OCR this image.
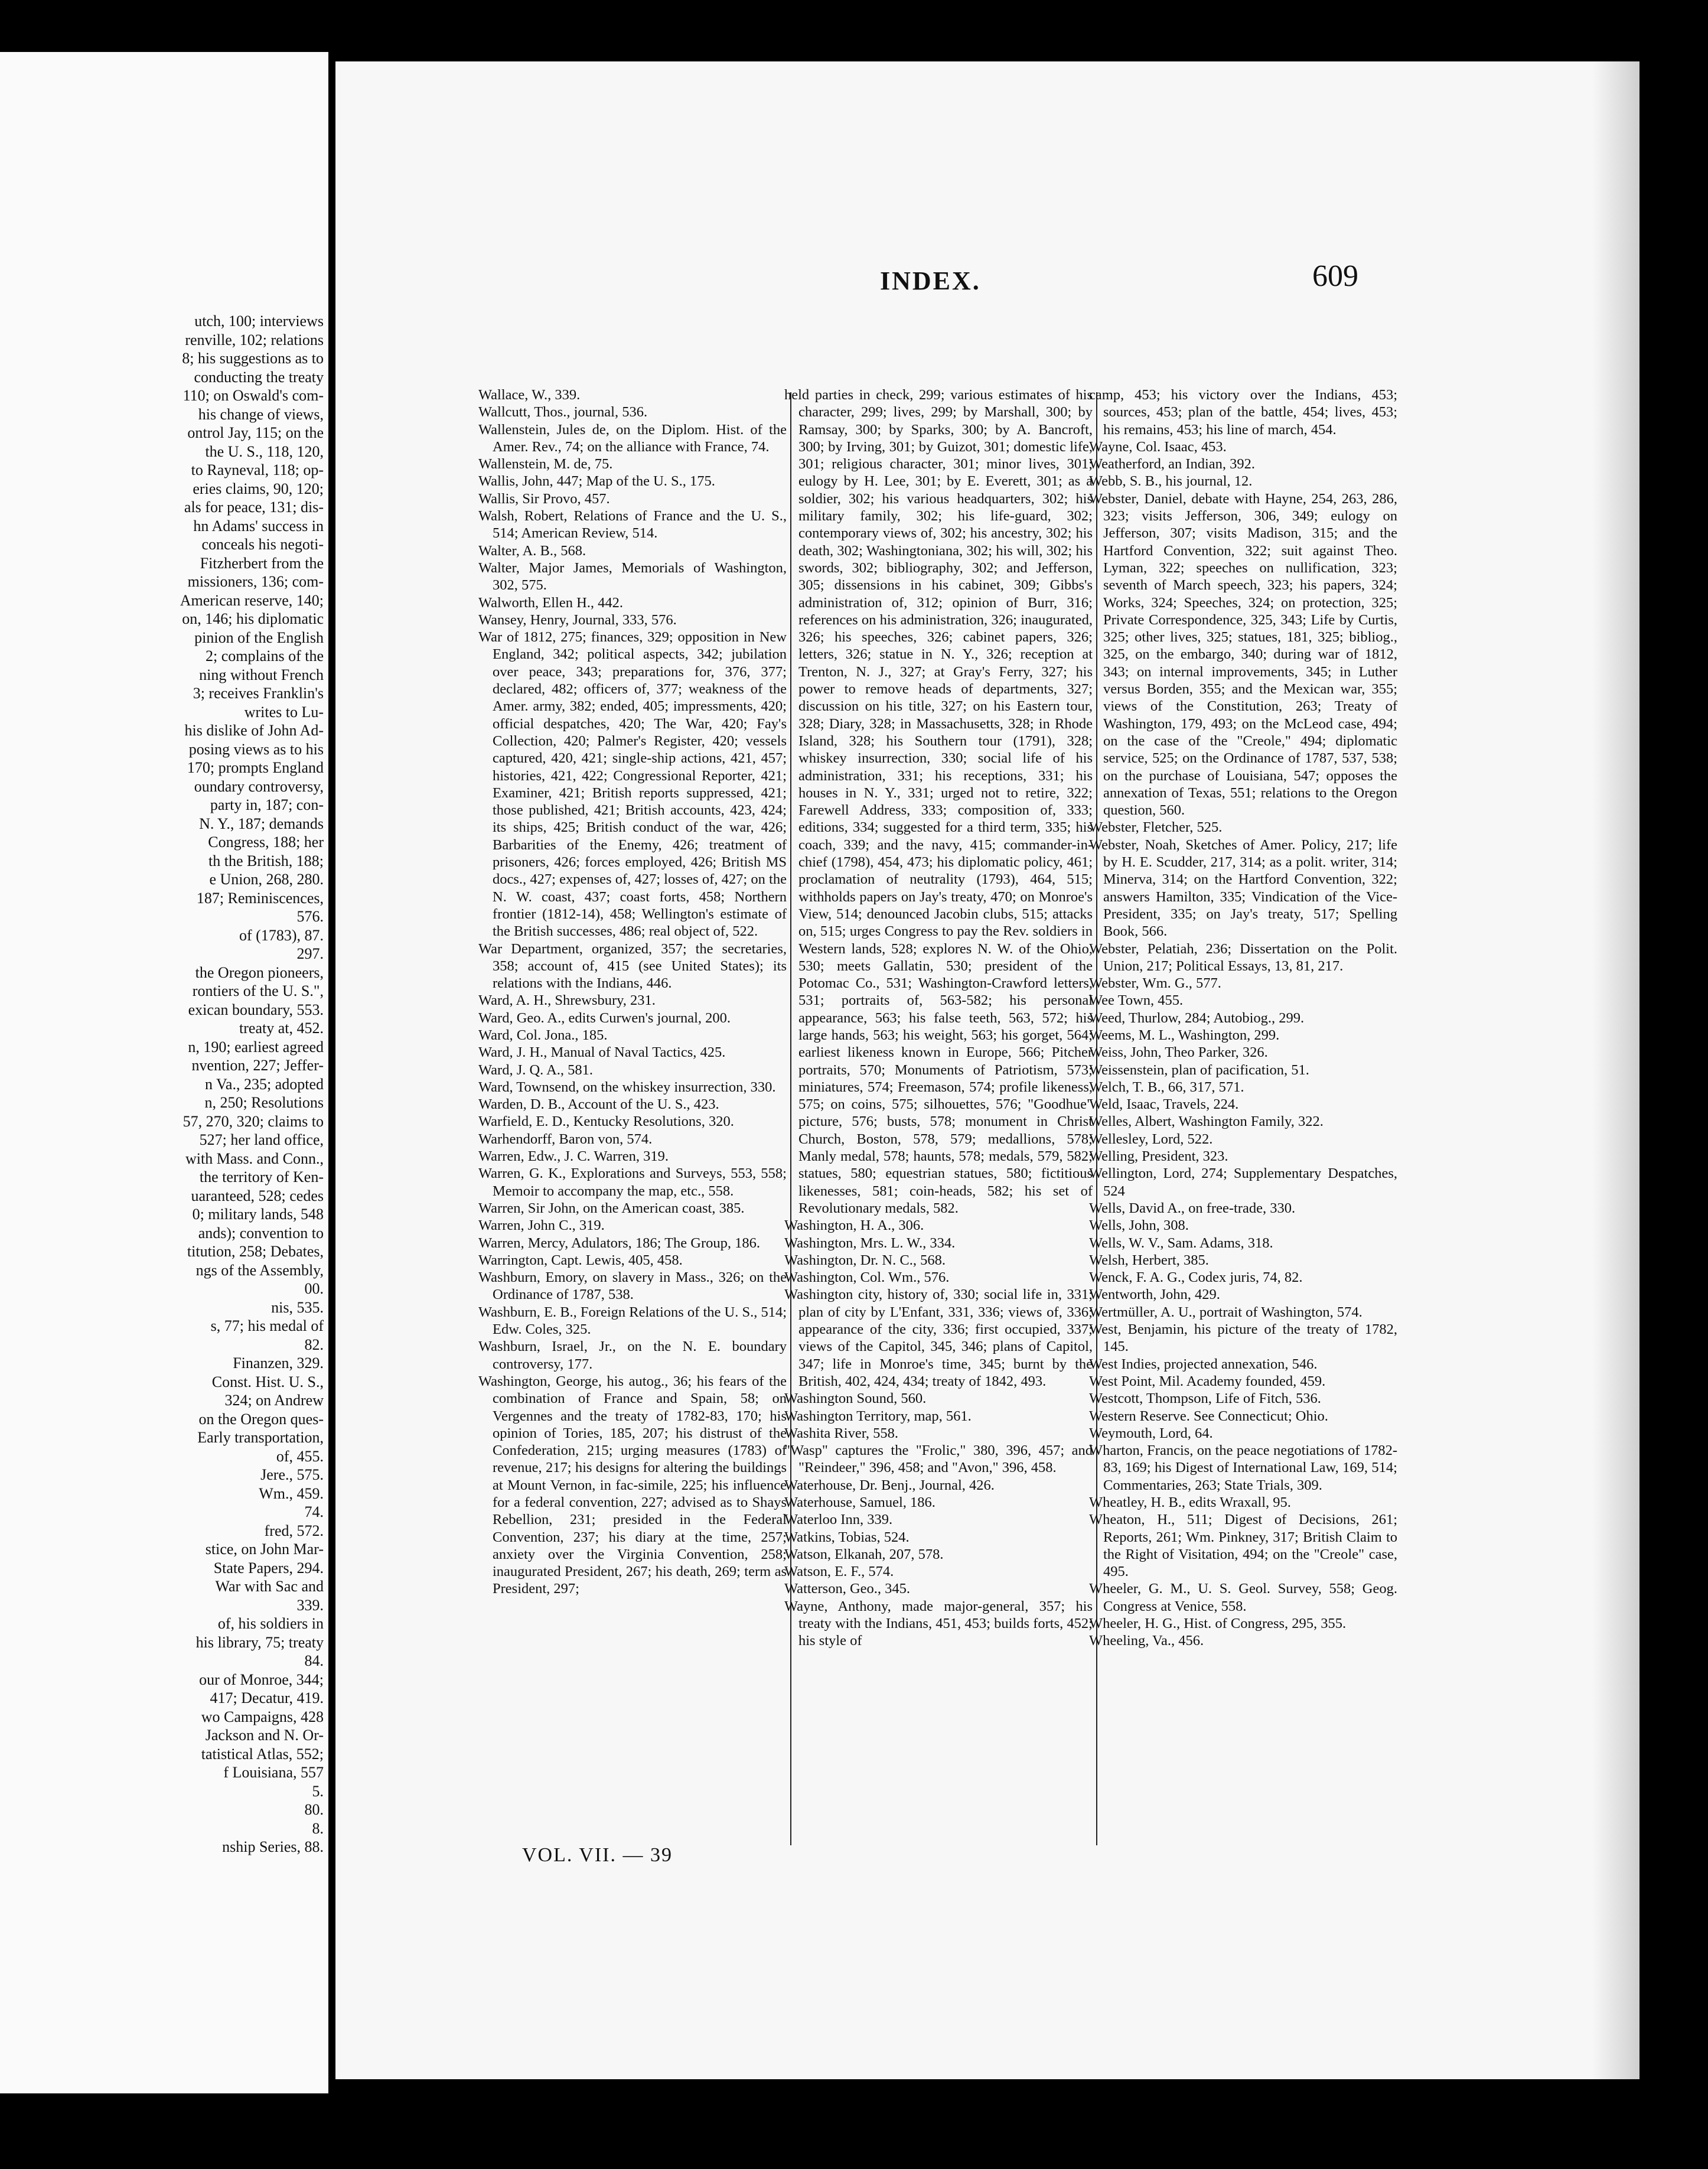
utch, 100; interviews
renville, 102; relations
8; his suggestions as to
conducting the treaty
110; on Oswald's com-
his change of views,
ontrol Jay, 115; on the
the U. S., 118, 120,
to Rayneval, 118; op-
eries claims, 90, 120;
als for peace, 131; dis-
hn Adams' success in
conceals his negoti-
Fitzherbert from the
missioners, 136; com-
American reserve, 140;
on, 146; his diplomatic
pinion of the English
2; complains of the
ning without French
3; receives Franklin's
writes to Lu-
his dislike of John Ad-
posing views as to his
170; prompts England
oundary controversy,
party in, 187; con-
N. Y., 187; demands
Congress, 188; her
th the British, 188;
e Union, 268, 280.
187; Reminiscences,
576.
of (1783), 87.
297.
the Oregon pioneers,
rontiers of the U. S.",
exican boundary, 553.
treaty at, 452.
n, 190; earliest agreed
nvention, 227; Jeffer-
n Va., 235; adopted
n, 250; Resolutions
57, 270, 320; claims to
527; her land office,
with Mass. and Conn.,
the territory of Ken-
uaranteed, 528; cedes
0; military lands, 548
ands); convention to
titution, 258; Debates,
ngs of the Assembly,
00.
nis, 535.
s, 77; his medal of
82.
Finanzen, 329.
Const. Hist. U. S.,
324; on Andrew
on the Oregon ques-
Early transportation,
of, 455.
Jere., 575.
Wm., 459.
74.
fred, 572.
stice, on John Mar-
State Papers, 294.
War with Sac and
339.
of, his soldiers in
his library, 75; treaty
84.
our of Monroe, 344;
417; Decatur, 419.
wo Campaigns, 428
Jackson and N. Or-
tatistical Atlas, 552;
f Louisiana, 557
5.
80.
8.
nship Series, 88.
INDEX.	609
Wallace, W., 339.
Wallcutt, Thos., journal, 536.
Wallenstein, Jules de, on the Diplom. Hist. of the Amer. Rev., 74; on the alliance with France, 74.
Wallenstein, M. de, 75.
Wallis, John, 447; Map of the U. S., 175.
Wallis, Sir Provo, 457.
Walsh, Robert, Relations of France and the U. S., 514; American Review, 514.
Walter, A. B., 568.
Walter, Major James, Memorials of Washington, 302, 575.
Walworth, Ellen H., 442.
Wansey, Henry, Journal, 333, 576.
War of 1812, 275; finances, 329; opposition in New England, 342; political aspects, 342; jubilation over peace, 343; preparations for, 376, 377; declared, 482; officers of, 377; weakness of the Amer. army, 382; ended, 405; impressments, 420; official despatches, 420; The War, 420; Fay's Collection, 420; Palmer's Register, 420; vessels captured, 420, 421; single-ship actions, 421, 457; histories, 421, 422; Congressional Reporter, 421; Examiner, 421; British reports suppressed, 421; those published, 421; British accounts, 423, 424; its ships, 425; British conduct of the war, 426; Barbarities of the Enemy, 426; treatment of prisoners, 426; forces employed, 426; British MS docs., 427; expenses of, 427; losses of, 427; on the N. W. coast, 437; coast forts, 458; Northern frontier (1812-14), 458; Wellington's estimate of the British successes, 486; real object of, 522.
War Department, organized, 357; the secretaries, 358; account of, 415 (see United States); its relations with the Indians, 446.
Ward, A. H., Shrewsbury, 231.
Ward, Geo. A., edits Curwen's journal, 200.
Ward, Col. Jona., 185.
Ward, J. H., Manual of Naval Tactics, 425.
Ward, J. Q. A., 581.
Ward, Townsend, on the whiskey insurrection, 330.
Warden, D. B., Account of the U. S., 423.
Warfield, E. D., Kentucky Resolutions, 320.
Warhendorff, Baron von, 574.
Warren, Edw., J. C. Warren, 319.
Warren, G. K., Explorations and Surveys, 553, 558; Memoir to accompany the map, etc., 558.
Warren, Sir John, on the American coast, 385.
Warren, John C., 319.
Warren, Mercy, Adulators, 186; The Group, 186.
Warrington, Capt. Lewis, 405, 458.
Washburn, Emory, on slavery in Mass., 326; on the Ordinance of 1787, 538.
Washburn, E. B., Foreign Relations of the U. S., 514; Edw. Coles, 325.
Washburn, Israel, Jr., on the N. E. boundary controversy, 177.
Washington, George, his autog., 36; his fears of the combination of France and Spain, 58; on Vergennes and the treaty of 1782-83, 170; his opinion of Tories, 185, 207; his distrust of the Confederation, 215; urging measures (1783) of revenue, 217; his designs for altering the buildings at Mount Vernon, in fac-simile, 225; his influence for a federal convention, 227; advised as to Shays Rebellion, 231; presided in the Federal Convention, 237; his diary at the time, 257; anxiety over the Virginia Convention, 258; inaugurated President, 267; his death, 269; term as President, 297;
held parties in check, 299; various estimates of his character, 299; lives, 299; by Marshall, 300; by Ramsay, 300; by Sparks, 300; by A. Bancroft, 300; by Irving, 301; by Guizot, 301; domestic life, 301; religious character, 301; minor lives, 301; eulogy by H. Lee, 301; by E. Everett, 301; as a soldier, 302; his various headquarters, 302; his military family, 302; his life-guard, 302; contemporary views of, 302; his ancestry, 302; his death, 302; Washingtoniana, 302; his will, 302; his swords, 302; bibliography, 302; and Jefferson, 305; dissensions in his cabinet, 309; Gibbs's administration of, 312; opinion of Burr, 316; references on his administration, 326; inaugurated, 326; his speeches, 326; cabinet papers, 326; letters, 326; statue in N. Y., 326; reception at Trenton, N. J., 327; at Gray's Ferry, 327; his power to remove heads of departments, 327; discussion on his title, 327; on his Eastern tour, 328; Diary, 328; in Massachusetts, 328; in Rhode Island, 328; his Southern tour (1791), 328; whiskey insurrection, 330; social life of his administration, 331; his receptions, 331; his houses in N. Y., 331; urged not to retire, 322; Farewell Address, 333; composition of, 333; editions, 334; suggested for a third term, 335; his coach, 339; and the navy, 415; commander-in-chief (1798), 454, 473; his diplomatic policy, 461; proclamation of neutrality (1793), 464, 515; withholds papers on Jay's treaty, 470; on Monroe's View, 514; denounced Jacobin clubs, 515; attacks on, 515; urges Congress to pay the Rev. soldiers in Western lands, 528; explores N. W. of the Ohio, 530; meets Gallatin, 530; president of the Potomac Co., 531; Washington-Crawford letters, 531; portraits of, 563-582; his personal appearance, 563; his false teeth, 563, 572; his large hands, 563; his weight, 563; his gorget, 564; earliest likeness known in Europe, 566; Pitcher portraits, 570; Monuments of Patriotism, 573; miniatures, 574; Freemason, 574; profile likeness, 575; on coins, 575; silhouettes, 576; "Goodhue" picture, 576; busts, 578; monument in Christ Church, Boston, 578, 579; medallions, 578; Manly medal, 578; haunts, 578; medals, 579, 582; statues, 580; equestrian statues, 580; fictitious likenesses, 581; coin-heads, 582; his set of Revolutionary medals, 582.
Washington, H. A., 306.
Washington, Mrs. L. W., 334.
Washington, Dr. N. C., 568.
Washington, Col. Wm., 576.
Washington city, history of, 330; social life in, 331; plan of city by L'Enfant, 331, 336; views of, 336; appearance of the city, 336; first occupied, 337; views of the Capitol, 345, 346; plans of Capitol, 347; life in Monroe's time, 345; burnt by the British, 402, 424, 434; treaty of 1842, 493.
Washington Sound, 560.
Washington Territory, map, 561.
Washita River, 558.
"Wasp" captures the "Frolic," 380, 396, 457; and "Reindeer," 396, 458; and "Avon," 396, 458.
Waterhouse, Dr. Benj., Journal, 426.
Waterhouse, Samuel, 186.
Waterloo Inn, 339.
Watkins, Tobias, 524.
Watson, Elkanah, 207, 578.
Watson, E. F., 574.
Watterson, Geo., 345.
Wayne, Anthony, made major-general, 357; his treaty with the Indians, 451, 453; builds forts, 452; his style of
camp, 453; his victory over the Indians, 453; sources, 453; plan of the battle, 454; lives, 453; his remains, 453; his line of march, 454.
Wayne, Col. Isaac, 453.
Weatherford, an Indian, 392.
Webb, S. B., his journal, 12.
Webster, Daniel, debate with Hayne, 254, 263, 286, 323; visits Jefferson, 306, 349; eulogy on Jefferson, 307; visits Madison, 315; and the Hartford Convention, 322; suit against Theo. Lyman, 322; speeches on nullification, 323; seventh of March speech, 323; his papers, 324; Works, 324; Speeches, 324; on protection, 325; Private Correspondence, 325, 343; Life by Curtis, 325; other lives, 325; statues, 181, 325; bibliog., 325, on the embargo, 340; during war of 1812, 343; on internal improvements, 345; in Luther versus Borden, 355; and the Mexican war, 355; views of the Constitution, 263; Treaty of Washington, 179, 493; on the McLeod case, 494; on the case of the "Creole," 494; diplomatic service, 525; on the Ordinance of 1787, 537, 538; on the purchase of Louisiana, 547; opposes the annexation of Texas, 551; relations to the Oregon question, 560.
Webster, Fletcher, 525.
Webster, Noah, Sketches of Amer. Policy, 217; life by H. E. Scudder, 217, 314; as a polit. writer, 314; Minerva, 314; on the Hartford Convention, 322; answers Hamilton, 335; Vindication of the Vice-President, 335; on Jay's treaty, 517; Spelling Book, 566.
Webster, Pelatiah, 236; Dissertation on the Polit. Union, 217; Political Essays, 13, 81, 217.
Webster, Wm. G., 577.
Wee Town, 455.
Weed, Thurlow, 284; Autobiog., 299.
Weems, M. L., Washington, 299.
Weiss, John, Theo Parker, 326.
Weissenstein, plan of pacification, 51.
Welch, T. B., 66, 317, 571.
Weld, Isaac, Travels, 224.
Welles, Albert, Washington Family, 322.
Wellesley, Lord, 522.
Welling, President, 323.
Wellington, Lord, 274; Supplementary Despatches, 524
Wells, David A., on free-trade, 330.
Wells, John, 308.
Wells, W. V., Sam. Adams, 318.
Welsh, Herbert, 385.
Wenck, F. A. G., Codex juris, 74, 82.
Wentworth, John, 429.
Wertmüller, A. U., portrait of Washington, 574.
West, Benjamin, his picture of the treaty of 1782, 145.
West Indies, projected annexation, 546.
West Point, Mil. Academy founded, 459.
Westcott, Thompson, Life of Fitch, 536.
Western Reserve. See Connecticut; Ohio.
Weymouth, Lord, 64.
Wharton, Francis, on the peace negotiations of 1782-83, 169; his Digest of International Law, 169, 514; Commentaries, 263; State Trials, 309.
Wheatley, H. B., edits Wraxall, 95.
Wheaton, H., 511; Digest of Decisions, 261; Reports, 261; Wm. Pinkney, 317; British Claim to the Right of Visitation, 494; on the "Creole" case, 495.
Wheeler, G. M., U. S. Geol. Survey, 558; Geog. Congress at Venice, 558.
Wheeler, H. G., Hist. of Congress, 295, 355.
Wheeling, Va., 456.
VOL. VII. — 39
